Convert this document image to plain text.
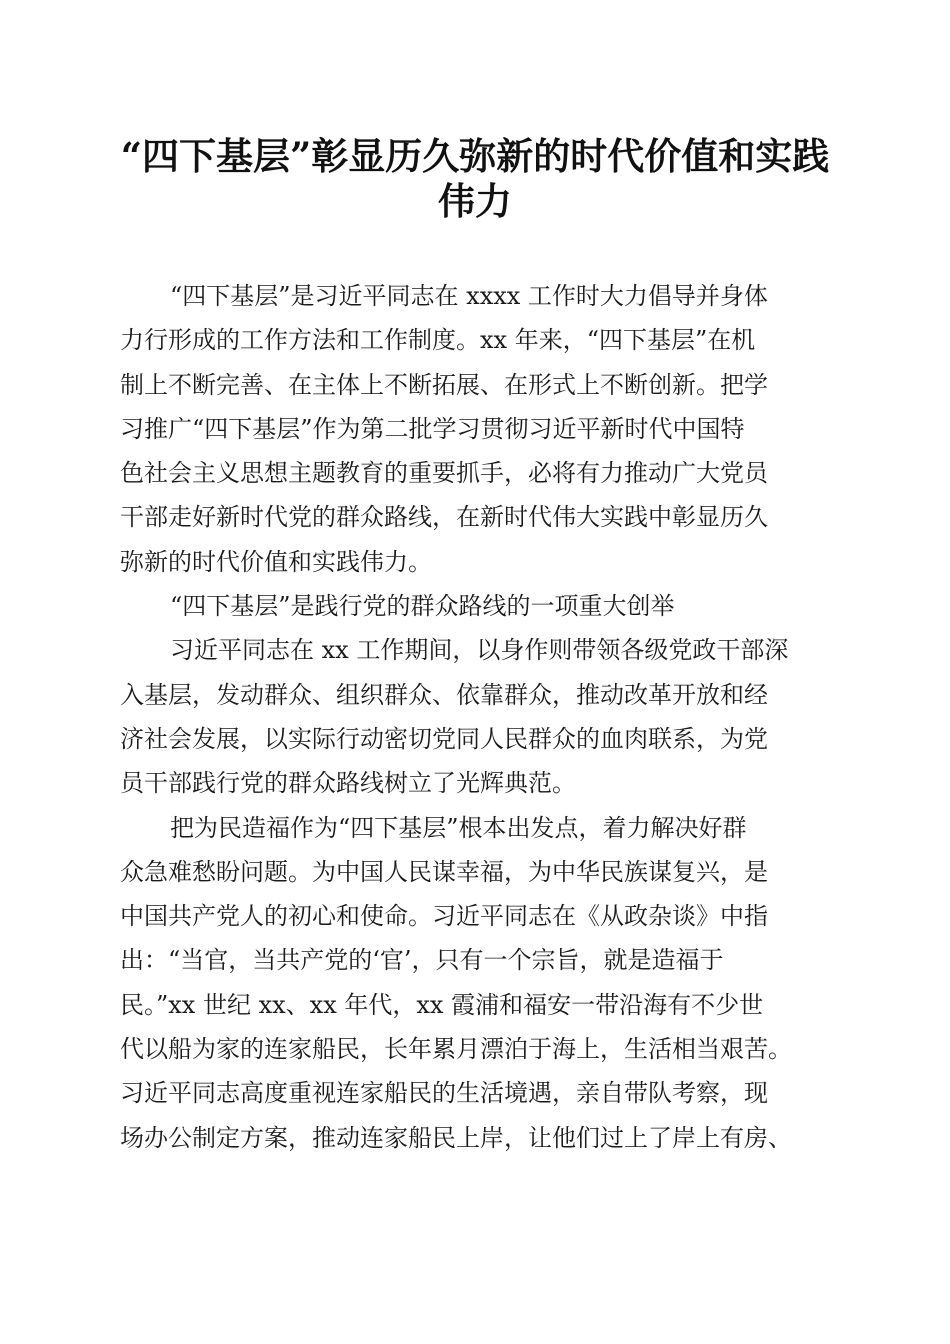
“四下基层”彰显历久弥新的时代价值和实践
伟力
“四下基层”是习近平同志在 xxxx 工作时大力倡导并身体
力行形成的工作方法和工作制度。xx 年来，“四下基层”在机
制上不断完善、在主体上不断拓展、在形式上不断创新。把学
习推广“四下基层”作为第二批学习贯彻习近平新时代中国特
色社会主义思想主题教育的重要抓手，必将有力推动广大党员
干部走好新时代党的群众路线，在新时代伟大实践中彰显历久
弥新的时代价值和实践伟力。
“四下基层”是践行党的群众路线的一项重大创举
习近平同志在 xx 工作期间，以身作则带领各级党政干部深
入基层，发动群众、组织群众、依靠群众，推动改革开放和经
济社会发展，以实际行动密切党同人民群众的血肉联系，为党
员干部践行党的群众路线树立了光辉典范。
把为民造福作为“四下基层”根本出发点，着力解决好群
众急难愁盼问题。为中国人民谋幸福，为中华民族谋复兴，是
中国共产党人的初心和使命。习近平同志在《从政杂谈》中指
出：“当官，当共产党的‘官’，只有一个宗旨，就是造福于
民。”xx 世纪 xx、xx 年代，xx 霞浦和福安一带沿海有不少世
代以船为家的连家船民，长年累月漂泊于海上，生活相当艰苦。
习近平同志高度重视连家船民的生活境遇，亲自带队考察，现
场办公制定方案，推动连家船民上岸，让他们过上了岸上有房、
